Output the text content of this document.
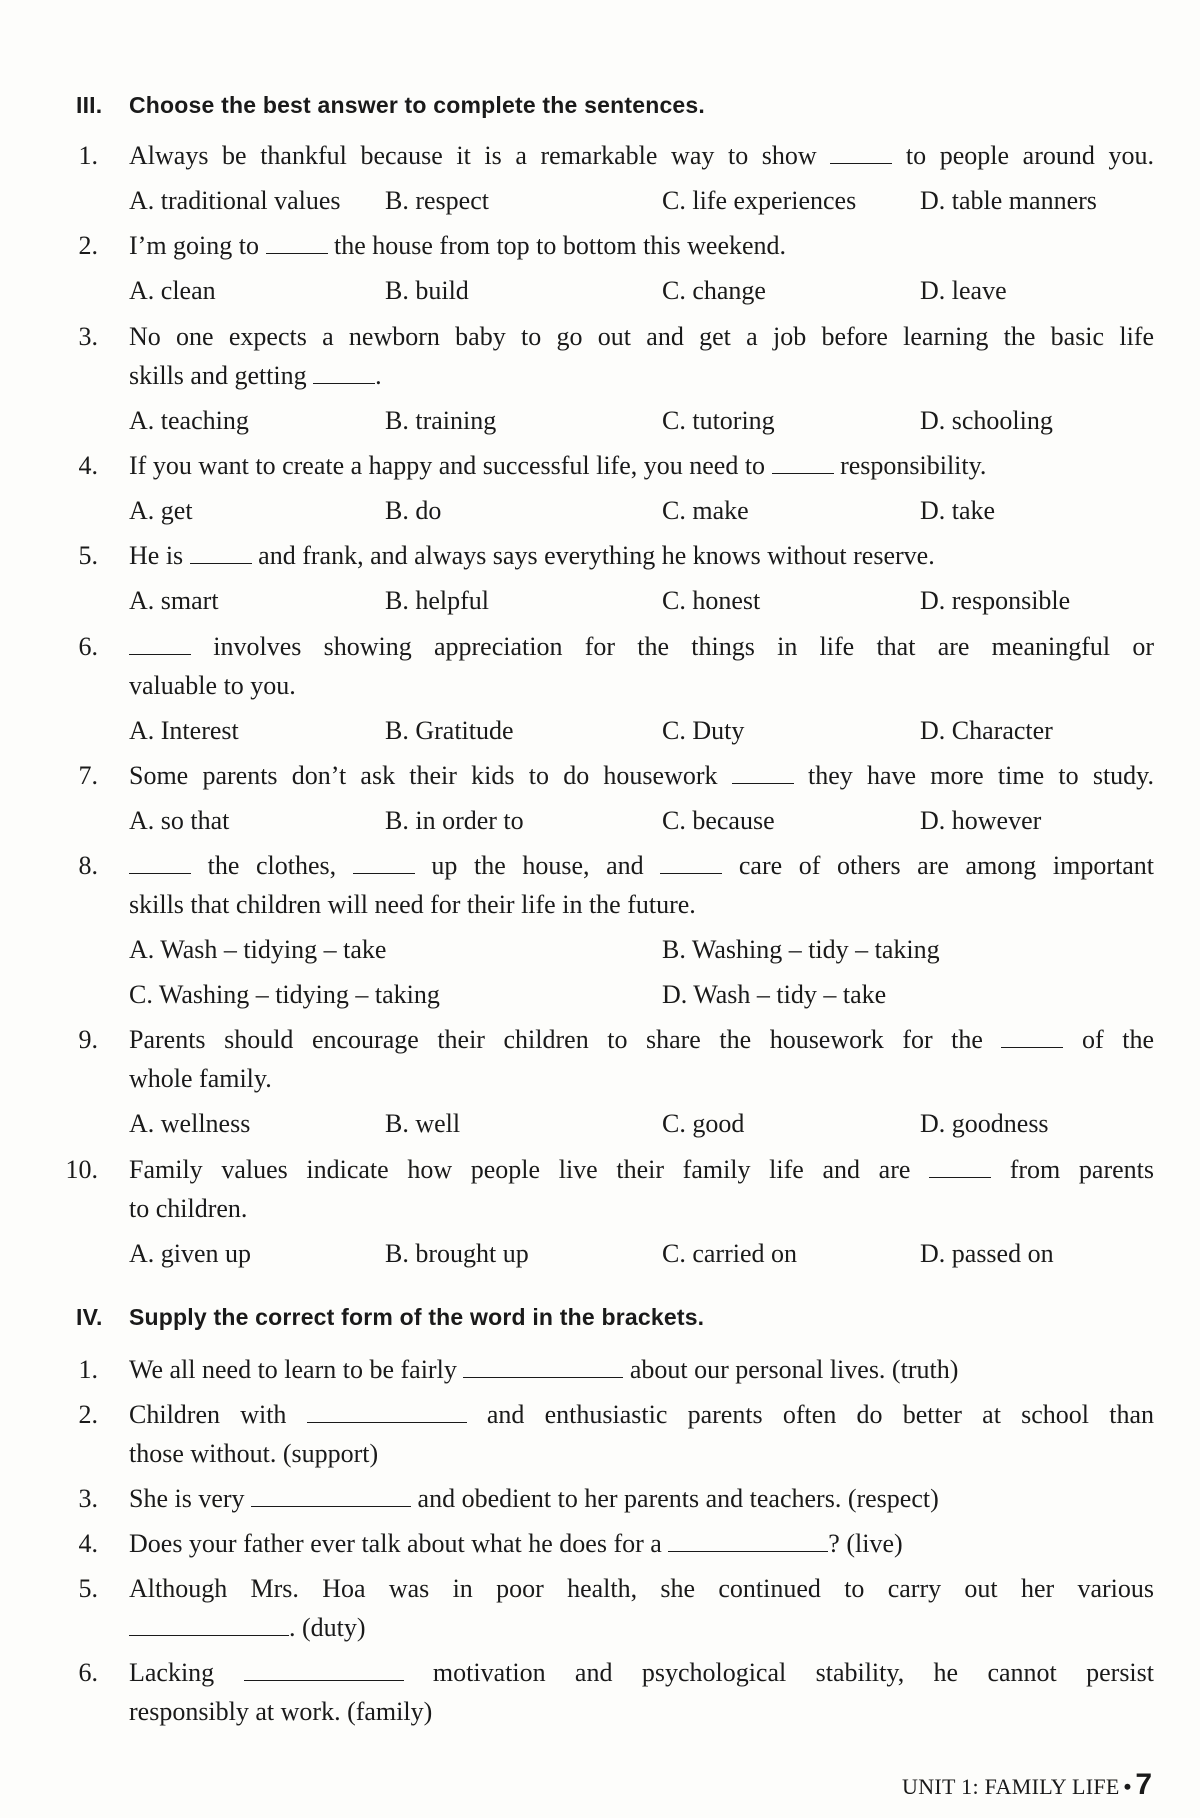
III. Choose the best answer to complete the sentences.
1. Always be thankful because it is a remarkable way to show  to people around you.
A. traditional values B. respect	C. life experiences D. table manners
2. I’m going to  the house from top to bottom this weekend.
A. clean	B. build	C. change	D. leave
3. No one expects a newborn baby to go out and get a job before learning the basic life
skills and getting .
A. teaching	B. training	C. tutoring	D. schooling
4. If you want to create a happy and successful life, you need to  responsibility.
A. get	B. do	C. make	D. take
5. He is  and frank, and always says everything he knows without reserve.
A. smart	B. helpful	C. honest	D. responsible
6.	involves showing appreciation for the things in life that are meaningful or
valuable to you.
A. Interest	B. Gratitude	C. Duty	D. Character
7. Some parents don’t ask their kids to do housework  they have more time to study.
A. so that	B. in order to	C. because	D. however
8.	the clothes,  up the house, and  care of others are among important
skills that children will need for their life in the future.
A. Wash – tidying – take	B. Washing – tidy – taking
C. Washing – tidying – taking	D. Wash – tidy – take
9. Parents should encourage their children to share the housework for the  of the
whole family.
A. wellness	B. well	C. good	D. goodness
10. Family values indicate how people live their family life and are  from parents
to children.
A. given up	B. brought up	C. carried on	D. passed on
IV. Supply the correct form of the word in the brackets.
1. We all need to learn to be fairly	about our personal lives. (truth)
2. Children with	and enthusiastic parents often do better at school than
those without. (support)
3. She is very	and obedient to her parents and teachers. (respect)
4. Does your father ever talk about what he does for a	? (live)
5. Although Mrs. Hoa was in poor health, she continued to carry out her various
. (duty)
6. Lacking	motivation and psychological stability, he cannot persist
responsibly at work. (family)
UNIT 1: FAMILY LIFE • 7
